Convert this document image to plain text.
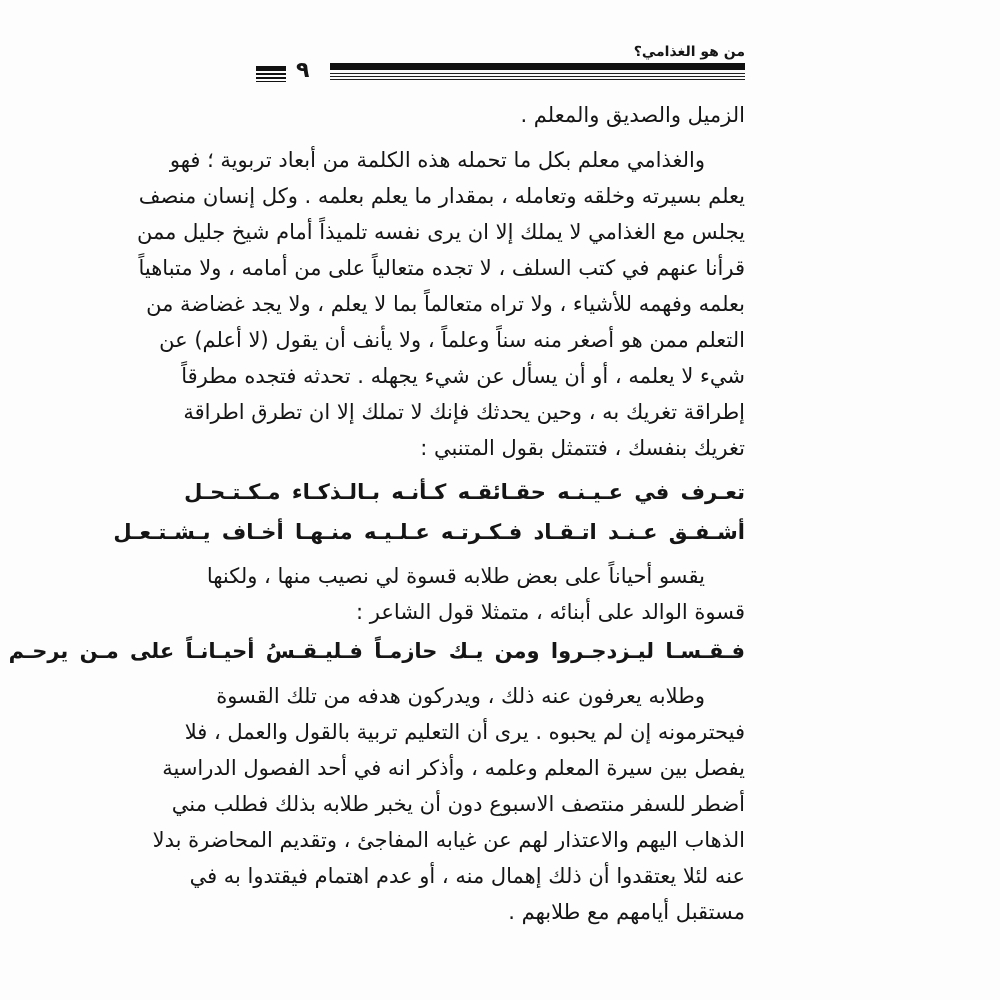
من هو الغذامي؟
٩
الزميل والصديق والمعلم .
والغذامي معلم بكل ما تحمله هذه الكلمة من أبعاد تربوية ؛ فهو
يعلم بسيرته وخلقه وتعامله ، بمقدار ما يعلم بعلمه . وكل إنسان منصف
يجلس مع الغذامي لا يملك إلا ان يرى نفسه تلميذاً أمام شيخ جليل ممن
قرأنا عنهم في كتب السلف ، لا تجده متعالياً على من أمامه ، ولا متباهياً
بعلمه وفهمه للأشياء ، ولا تراه متعالماً بما لا يعلم ، ولا يجد غضاضة من
التعلم ممن هو أصغر منه سناً وعلماً ، ولا يأنف أن يقول (لا أعلم) عن
شيء لا يعلمه ، أو أن يسأل عن شيء يجهله . تحدثه فتجده مطرقاً
إطراقة تغريك به ، وحين يحدثك فإنك لا تملك إلا ان تطرق اطراقة
تغريك بنفسك ، فتتمثل بقول المتنبي :
تعـرف في عـيـنـه حقـائقـه كـأنـه بـالـذكـاء مـكـتـحـل
أشـفـق عـنـد اتـقـاد فـكـرتـه عـلـيـه منـهـا أخـاف يـشـتـعـل
يقسو أحياناً على بعض طلابه قسوة لي نصيب منها ، ولكنها
قسوة الوالد على أبنائه ، متمثلا قول الشاعر :
فـقـسـا ليـزدجـروا ومن يـك حازمـاً فـليـقـسُ أحيـانـاً على مـن يرحـم
وطلابه يعرفون عنه ذلك ، ويدركون هدفه من تلك القسوة
فيحترمونه إن لم يحبوه . يرى أن التعليم تربية بالقول والعمل ، فلا
يفصل بين سيرة المعلم وعلمه ، وأذكر انه في أحد الفصول الدراسية
أضطر للسفر منتصف الاسبوع دون أن يخبر طلابه بذلك فطلب مني
الذهاب اليهم والاعتذار لهم عن غيابه المفاجئ ، وتقديم المحاضرة بدلا
عنه لئلا يعتقدوا أن ذلك إهمال منه ، أو عدم اهتمام فيقتدوا به في
مستقبل أيامهم مع طلابهم .
